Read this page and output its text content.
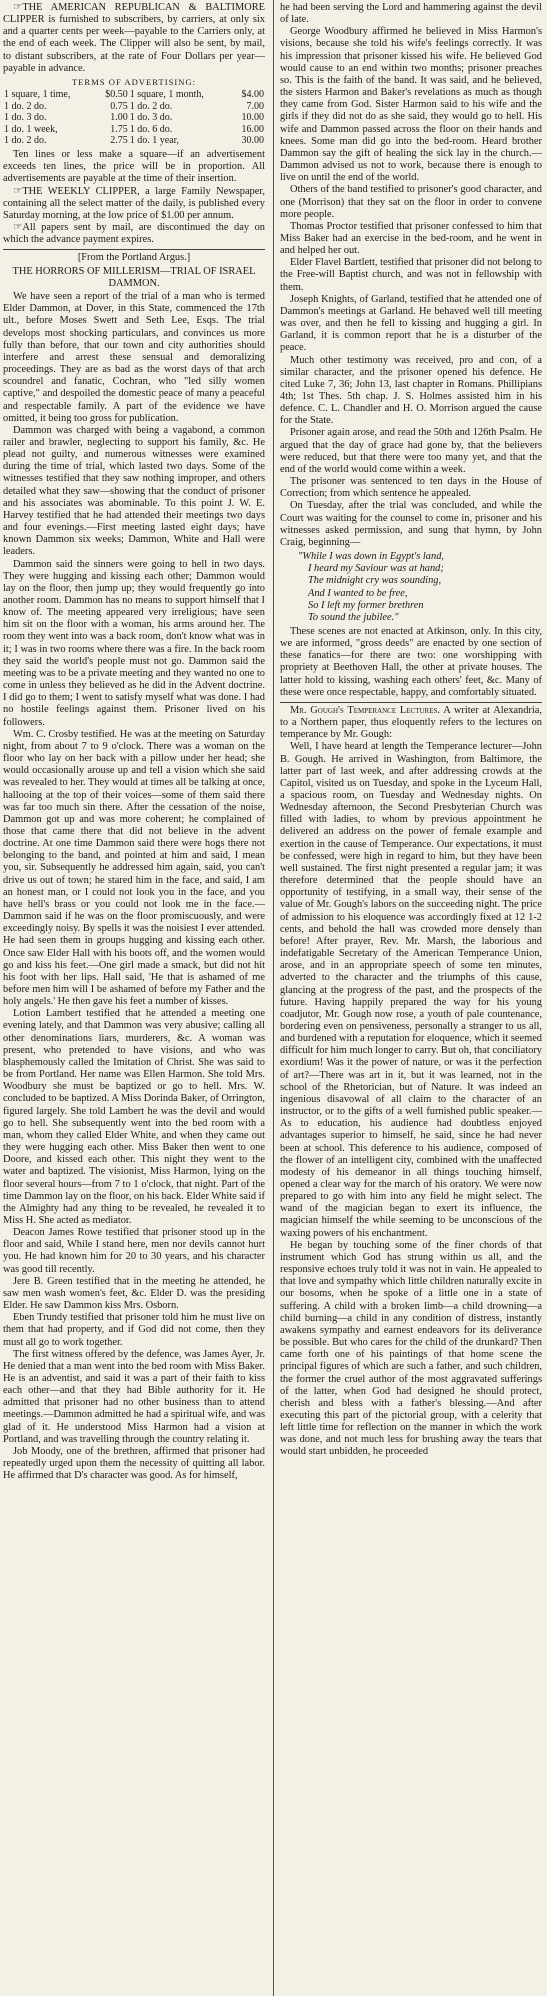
☞THE AMERICAN REPUBLICAN & BALTIMORE CLIPPER is furnished to subscribers, by carriers, at only six and a quarter cents per week—payable to the Carriers only, at the end of each week. The Clipper will also be sent, by mail, to distant subscribers, at the rate of Four Dollars per year—payable in advance.

TERMS OF ADVERTISING:
1 square, 1 time,	$0.50	1 square, 1 month,	$4.00
1 do. 2 do.	0.75	1 do. 2 do.	7.00
1 do. 3 do.	1.00	1 do. 3 do.	10.00
1 do. 1 week,	1.75	1 do. 6 do.	16.00
1 do. 2 do.	2.75	1 do. 1 year,	30.00

Ten lines or less make a square—if an advertisement exceeds ten lines, the price will be in proportion. All advertisements are payable at the time of their insertion.

☞THE WEEKLY CLIPPER, a large Family Newspaper, containing all the select matter of the daily, is published every Saturday morning, at the low price of $1.00 per annum.

☞All papers sent by mail, are discontinued the day on which the advance payment expires.

[From the Portland Argus.]
THE HORRORS OF MILLERISM—TRIAL OF ISRAEL DAMMON.

We have seen a report of the trial of a man who is termed Elder Dammon, at Dover, in this State, commenced the 17th ult., before Moses Swett and Seth Lee, Esqs. The trial develops most shocking particulars, and convinces us more fully than before, that our town and city authorities should interfere and arrest these sensual and demoralizing proceedings. They are as bad as the worst days of that arch scoundrel and fanatic, Cochran, who "led silly women captive," and despoiled the domestic peace of many a peaceful and respectable family. A part of the evidence we have omitted, it being too gross for publication.

Dammon was charged with being a vagabond, a common railer and brawler, neglecting to support his family, &c. He plead not guilty, and numerous witnesses were examined during the time of trial, which lasted two days. Some of the witnesses testified that they saw nothing improper, and others detailed what they saw—showing that the conduct of prisoner and his associates was abominable. To this point J. W. E. Harvey testified that he had attended their meetings two days and four evenings.—First meeting lasted eight days; have known Dammon six weeks; Dammon, White and Hall were leaders.

Dammon said the sinners were going to hell in two days. They were hugging and kissing each other; Dammon would lay on the floor, then jump up; they would frequently go into another room. Dammon has no means to support himself that I know of. The meeting appeared very irreligious; have seen him sit on the floor with a woman, his arms around her. The room they went into was a back room, don't know what was in it; I was in two rooms where there was a fire. In the back room they said the world's people must not go. Dammon said the meeting was to be a private meeting and they wanted no one to come in unless they believed as he did in the Advent doctrine. I did go to them; I went to satisfy myself what was done. I had no hostile feelings against them. Prisoner lived on his followers.

Wm. C. Crosby testified. He was at the meeting on Saturday night, from about 7 to 9 o'clock. There was a woman on the floor who lay on her back with a pillow under her head; she would occasionally arouse up and tell a vision which she said was revealed to her. They would at times all be talking at once, hallooing at the top of their voices—some of them said there was far too much sin there. After the cessation of the noise, Dammon got up and was more coherent; he complained of those that came there that did not believe in the advent doctrine. At one time Dammon said there were hogs there not belonging to the band, and pointed at him and said, I mean you, sir. Subsequently he addressed him again, said, you can't drive us out of town; he stared him in the face, and said, I am an honest man, or I could not look you in the face, and you have hell's brass or you could not look me in the face.—Dammon said if he was on the floor promiscuously, and were exceedingly noisy. By spells it was the noisiest I ever attended. He had seen them in groups hugging and kissing each other. Once saw Elder Hall with his boots off, and the women would go and kiss his feet.—One girl made a smack, but did not hit his foot with her lips. Hall said, 'He that is ashamed of me before men him will I be ashamed of before my Father and the holy angels.' He then gave his feet a number of kisses.

Lotion Lambert testified that he attended a meeting one evening lately, and that Dammon was very abusive; calling all other denominations liars, murderers, &c. A woman was present, who pretended to have visions, and who was blasphemously called the Imitation of Christ. She was said to be from Portland. Her name was Ellen Harmon. She told Mrs. Woodbury she must be baptized or go to hell. Mrs. W. concluded to be baptized. A Miss Dorinda Baker, of Orrington, figured largely. She told Lambert he was the devil and would go to hell. She subsequently went into the bed room with a man, whom they called Elder White, and when they came out they were hugging each other. Miss Baker then went to one Doore, and kissed each other. This night they went to the water and baptized. The visionist, Miss Harmon, lying on the floor several hours—from 7 to 1 o'clock, that night. Part of the time Dammon lay on the floor, on his back. Elder White said if the Almighty had any thing to be revealed, he revealed it to Miss H. She acted as mediator.

Deacon James Rowe testified that prisoner stood up in the floor and said, While I stand here, men nor devils cannot hurt you. He had known him for 20 to 30 years, and his character was good till recently.

Jere B. Green testified that in the meeting he attended, he saw men wash women's feet, &c. Elder D. was the presiding Elder. He saw Dammon kiss Mrs. Osborn.

Eben Trundy testified that prisoner told him he must live on them that had property, and if God did not come, then they must all go to work together.

The first witness offered by the defence, was James Ayer, Jr. He denied that a man went into the bed room with Miss Baker. He is an adventist, and said it was a part of their faith to kiss each other—and that they had Bible authority for it. He admitted that prisoner had no other business than to attend meetings.—Dammon admitted he had a spiritual wife, and was glad of it. He understood Miss Harmon had a vision at Portland, and was travelling through the country relating it.

Job Moody, one of the brethren, affirmed that prisoner had repeatedly urged upon them the necessity of quitting all labor. He affirmed that D's character was good. As for himself,

he had been serving the Lord and hammering against the devil of late.

George Woodbury affirmed he believed in Miss Harmon's visions, because she told his wife's feelings correctly. It was his impression that prisoner kissed his wife. He believed God would cause to an end within two months; prisoner preaches so. This is the faith of the band. It was said, and he believed, the sisters Harmon and Baker's revelations as much as though they came from God. Sister Harmon said to his wife and the girls if they did not do as she said, they would go to hell. His wife and Dammon passed across the floor on their hands and knees. Some man did go into the bed-room. Heard brother Dammon say the gift of healing the sick lay in the church.—Dammon advised us not to work, because there is enough to live on until the end of the world.

Others of the band testified to prisoner's good character, and one (Morrison) that they sat on the floor in order to convene more people.

Thomas Proctor testified that prisoner confessed to him that Miss Baker had an exercise in the bed-room, and he went in and helped her out.

Elder Flavel Bartlett, testified that prisoner did not belong to the Free-will Baptist church, and was not in fellowship with them.

Joseph Knights, of Garland, testified that he attended one of Dammon's meetings at Garland. He behaved well till meeting was over, and then he fell to kissing and hugging a girl. In Garland, it is common report that he is a disturber of the peace.

Much other testimony was received, pro and con, of a similar character, and the prisoner opened his defence. He cited Luke 7, 36; John 13, last chapter in Romans. Phillipians 4th; 1st Thes. 5th chap. J. S. Holmes assisted him in his defence. C. L. Chandler and H. O. Morrison argued the cause for the State.

Prisoner again arose, and read the 50th and 126th Psalm. He argued that the day of grace had gone by, that the believers were reduced, but that there were too many yet, and that the end of the world would come within a week.

The prisoner was sentenced to ten days in the House of Correction; from which sentence he appealed.

On Tuesday, after the trial was concluded, and while the Court was waiting for the counsel to come in, prisoner and his witnesses asked permission, and sung that hymn, by John Craig, beginning—

"While I was down in Egypt's land,
I heard my Saviour was at hand;
The midnight cry was sounding,
And I wanted to be free,
So I left my former brethren
To sound the jubilee."

These scenes are not enacted at Atkinson, only. In this city, we are informed, "gross deeds" are enacted by one section of these fanatics—for there are two: one worshipping with propriety at Beethoven Hall, the other at private houses. The latter hold to kissing, washing each others' feet, &c. Many of these were once respectable, happy, and comfortably situated.

Mr. Gough's Temperance Lectures. A writer at Alexandria, to a Northern paper, thus eloquently refers to the lectures on temperance by Mr. Gough:

Well, I have heard at length the Temperance lecturer—John B. Gough. He arrived in Washington, from Baltimore, the latter part of last week, and after addressing crowds at the Capitol, visited us on Tuesday, and spoke in the Lyceum Hall, a spacious room, on Tuesday and Wednesday nights. On Wednesday afternoon, the Second Presbyterian Church was filled with ladies, to whom by previous appointment he delivered an address on the power of female example and exertion in the cause of Temperance. Our expectations, it must be confessed, were high in regard to him, but they have been well sustained. The first night presented a regular jam; it was therefore determined that the people should have an opportunity of testifying, in a small way, their sense of the value of Mr. Gough's labors on the succeeding night. The price of admission to his eloquence was accordingly fixed at 12 1-2 cents, and behold the hall was crowded more densely than before! After prayer, Rev. Mr. Marsh, the laborious and indefatigable Secretary of the American Temperance Union, arose, and in an appropriate speech of some ten minutes, adverted to the character and the triumphs of this cause, glancing at the progress of the past, and the prospects of the future. Having happily prepared the way for his young coadjutor, Mr. Gough now rose, a youth of pale countenance, bordering even on pensiveness, personally a stranger to us all, and burdened with a reputation for eloquence, which it seemed difficult for him much longer to carry. But oh, that conciliatory exordium! Was it the power of nature, or was it the perfection of art?—There was art in it, but it was learned, not in the school of the Rhetorician, but of Nature. It was indeed an ingenious disavowal of all claim to the character of an instructor, or to the gifts of a well furnished public speaker.—As to education, his audience had doubtless enjoyed advantages superior to himself, he said, since he had never been at school. This deference to his audience, composed of the flower of an intelligent city, combined with the unaffected modesty of his demeanor in all things touching himself, opened a clear way for the march of his oratory. We were now prepared to go with him into any field he might select. The wand of the magician began to exert its influence, the magician himself the while seeming to be unconscious of the waxing powers of his enchantment.

He began by touching some of the finer chords of that instrument which God has strung within us all, and the responsive echoes truly told it was not in vain. He appealed to that love and sympathy which little children naturally excite in our bosoms, when he spoke of a little one in a state of suffering. A child with a broken limb—a child drowning—a child burning—a child in any condition of distress, instantly awakens sympathy and earnest endeavors for its deliverance be possible. But who cares for the child of the drunkard? Then came forth one of his paintings of that home scene the principal figures of which are such a father, and such children, the former the cruel author of the most aggravated sufferings of the latter, when God had designed he should protect, cherish and bless with a father's blessing.—And after executing this part of the pictorial group, with a celerity that left little time for reflection on the manner in which the work was done, and not much less for brushing away the tears that would start unbidden, he proceeded
